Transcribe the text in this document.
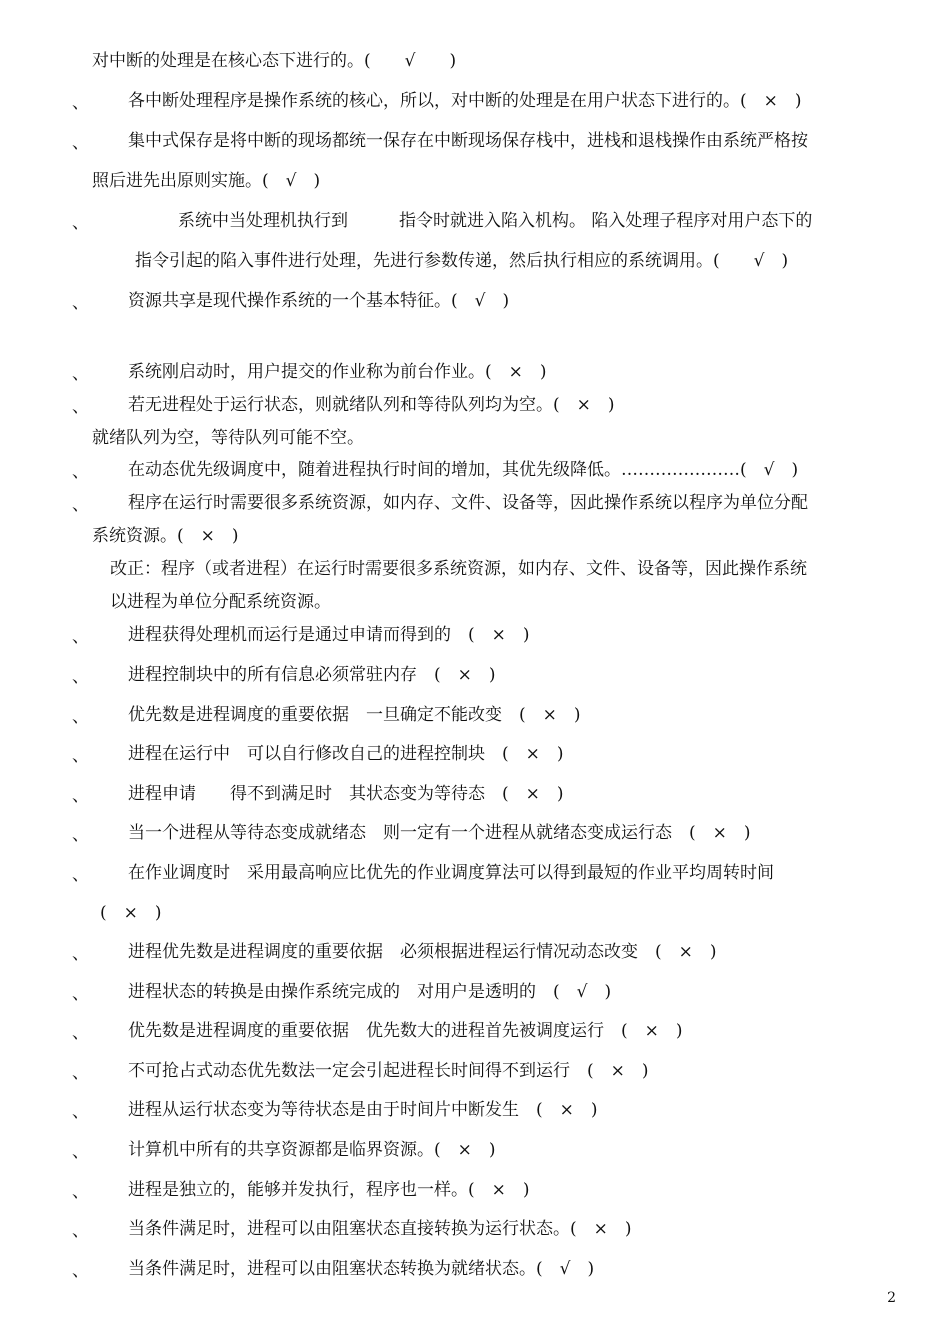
对中断的处理是在核心态下进行的。(　　√　　)
、 各中断处理程序是操作系统的核心，所以，对中断的处理是在用户状态下进行的。(　×　)
、 集中式保存是将中断的现场都统一保存在中断现场保存栈中，进栈和退栈操作由系统严格按
照后进先出原则实施。(　√　)
、	系统中当处理机执行到　　　指令时就进入陷入机构。 陷入处理子程序对用户态下的
指令引起的陷入事件进行处理，先进行参数传递，然后执行相应的系统调用。(　　√　)
、 资源共享是现代操作系统的一个基本特征。(　√　)
、 系统刚启动时，用户提交的作业称为前台作业。(　×　)
、 若无进程处于运行状态，则就绪队列和等待队列均为空。(　×　)
就绪队列为空，等待队列可能不空。
、 在动态优先级调度中，随着进程执行时间的增加，其优先级降低。…………………(　√　)
、 程序在运行时需要很多系统资源，如内存、文件、设备等，因此操作系统以程序为单位分配
系统资源。(　×　)
改正：程序（或者进程）在运行时需要很多系统资源，如内存、文件、设备等，因此操作系统
以进程为单位分配系统资源。
、 进程获得处理机而运行是通过申请而得到的　(　×　)
、 进程控制块中的所有信息必须常驻内存　(　×　)
、 优先数是进程调度的重要依据　一旦确定不能改变　(　×　)
、 进程在运行中　可以自行修改自己的进程控制块　(　×　)
、 进程申请　　得不到满足时　其状态变为等待态　(　×　)
、 当一个进程从等待态变成就绪态　则一定有一个进程从就绪态变成运行态　(　×　)
、 在作业调度时　采用最高响应比优先的作业调度算法可以得到最短的作业平均周转时间
(　×　)
、 进程优先数是进程调度的重要依据　必须根据进程运行情况动态改变　(　×　)
、 进程状态的转换是由操作系统完成的　对用户是透明的　(　√　)
、 优先数是进程调度的重要依据　优先数大的进程首先被调度运行　(　×　)
、 不可抢占式动态优先数法一定会引起进程长时间得不到运行　(　×　)
、 进程从运行状态变为等待状态是由于时间片中断发生　(　×　)
、 计算机中所有的共享资源都是临界资源。(　×　)
、 进程是独立的，能够并发执行，程序也一样。(　×　)
、 当条件满足时，进程可以由阻塞状态直接转换为运行状态。(　×　)
、 当条件满足时，进程可以由阻塞状态转换为就绪状态。(　√　)
2
